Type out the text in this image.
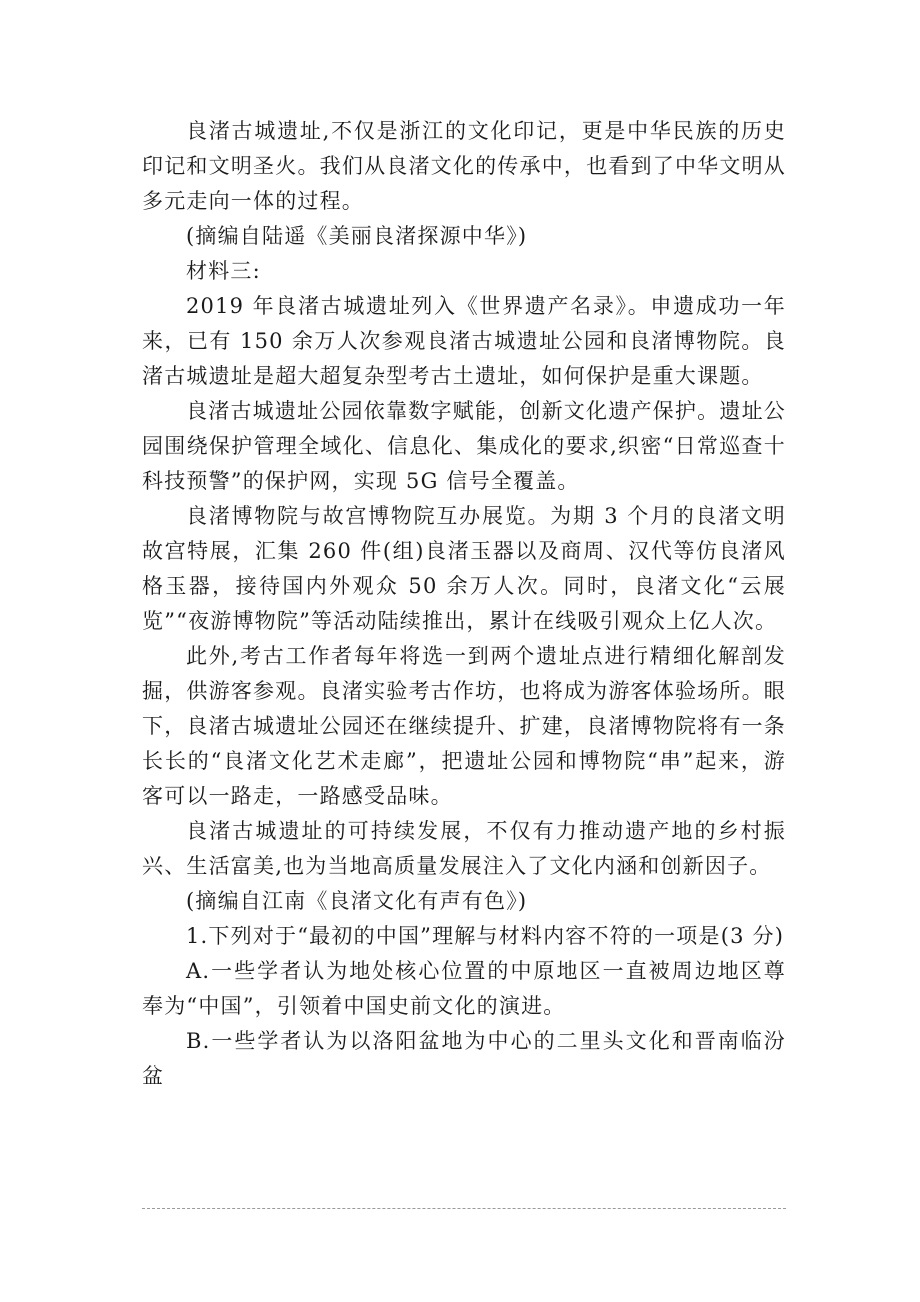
良渚古城遗址,不仅是浙江的文化印记，更是中华民族的历史印记和文明圣火。我们从良渚文化的传承中，也看到了中华文明从多元走向一体的过程。

(摘编自陆遥《美丽良渚探源中华》)

材料三:

2019 年良渚古城遗址列入《世界遗产名录》。申遗成功一年来，已有 150 余万人次参观良渚古城遗址公园和良渚博物院。良渚古城遗址是超大超复杂型考古土遗址，如何保护是重大课题。

良渚古城遗址公园依靠数字赋能，创新文化遗产保护。遗址公园围绕保护管理全域化、信息化、集成化的要求,织密“日常巡查十科技预警”的保护网，实现 5G 信号全覆盖。

良渚博物院与故宫博物院互办展览。为期 3 个月的良渚文明故宫特展，汇集 260 件(组)良渚玉器以及商周、汉代等仿良渚风格玉器，接待国内外观众 50 余万人次。同时，良渚文化“云展览”“夜游博物院”等活动陆续推出，累计在线吸引观众上亿人次。

此外,考古工作者每年将选一到两个遗址点进行精细化解剖发掘，供游客参观。良渚实验考古作坊，也将成为游客体验场所。眼下，良渚古城遗址公园还在继续提升、扩建，良渚博物院将有一条长长的“良渚文化艺术走廊”，把遗址公园和博物院“串”起来，游客可以一路走，一路感受品味。

良渚古城遗址的可持续发展，不仅有力推动遗产地的乡村振兴、生活富美,也为当地高质量发展注入了文化内涵和创新因子。

(摘编自江南《良渚文化有声有色》)

1.下列对于“最初的中国”理解与材料内容不符的一项是(3 分)

A.一些学者认为地处核心位置的中原地区一直被周边地区尊奉为“中国”，引领着中国史前文化的演进。

B.一些学者认为以洛阳盆地为中心的二里头文化和晋南临汾盆
